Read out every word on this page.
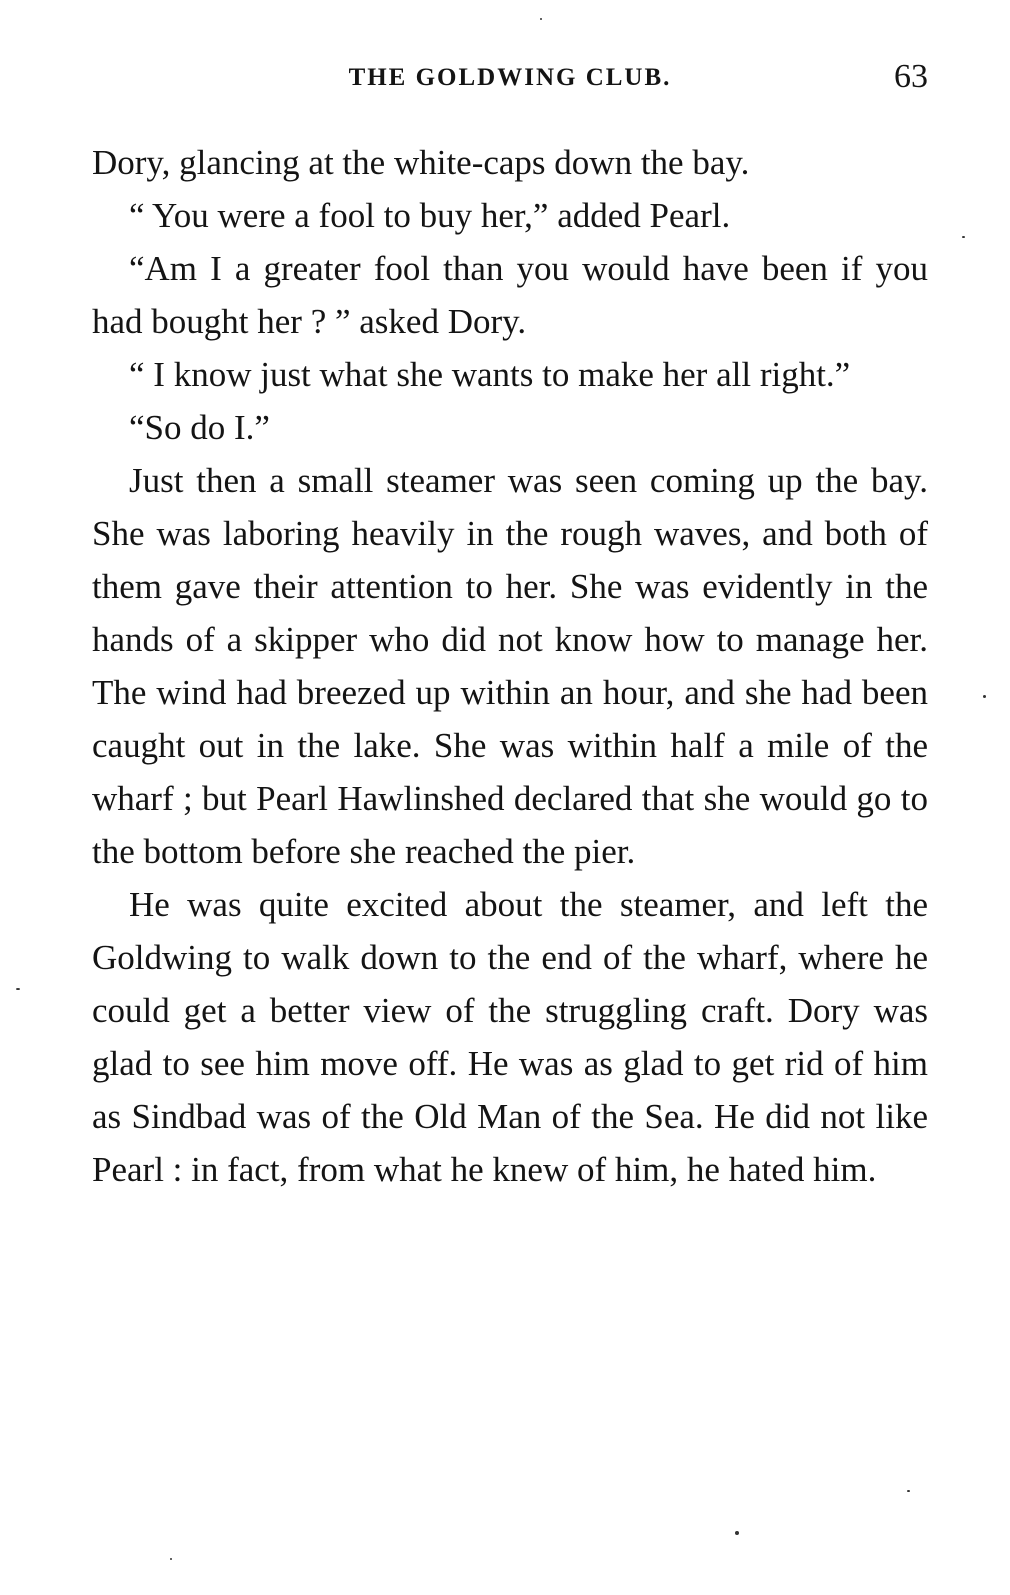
THE GOLDWING CLUB.	63

Dory, glancing at the white-caps down the bay.

“ You were a fool to buy her,” added Pearl.

“Am I a greater fool than you would have been if you had bought her ? ” asked Dory.

“ I know just what she wants to make her all right.”

“So do I.”

Just then a small steamer was seen coming up the bay. She was laboring heavily in the rough waves, and both of them gave their attention to her. She was evidently in the hands of a skipper who did not know how to manage her. The wind had breezed up within an hour, and she had been caught out in the lake. She was within half a mile of the wharf ; but Pearl Hawlinshed declared that she would go to the bottom before she reached the pier.

He was quite excited about the steamer, and left the Goldwing to walk down to the end of the wharf, where he could get a better view of the struggling craft. Dory was glad to see him move off. He was as glad to get rid of him as Sindbad was of the Old Man of the Sea. He did not like Pearl : in fact, from what he knew of him, he hated him.
